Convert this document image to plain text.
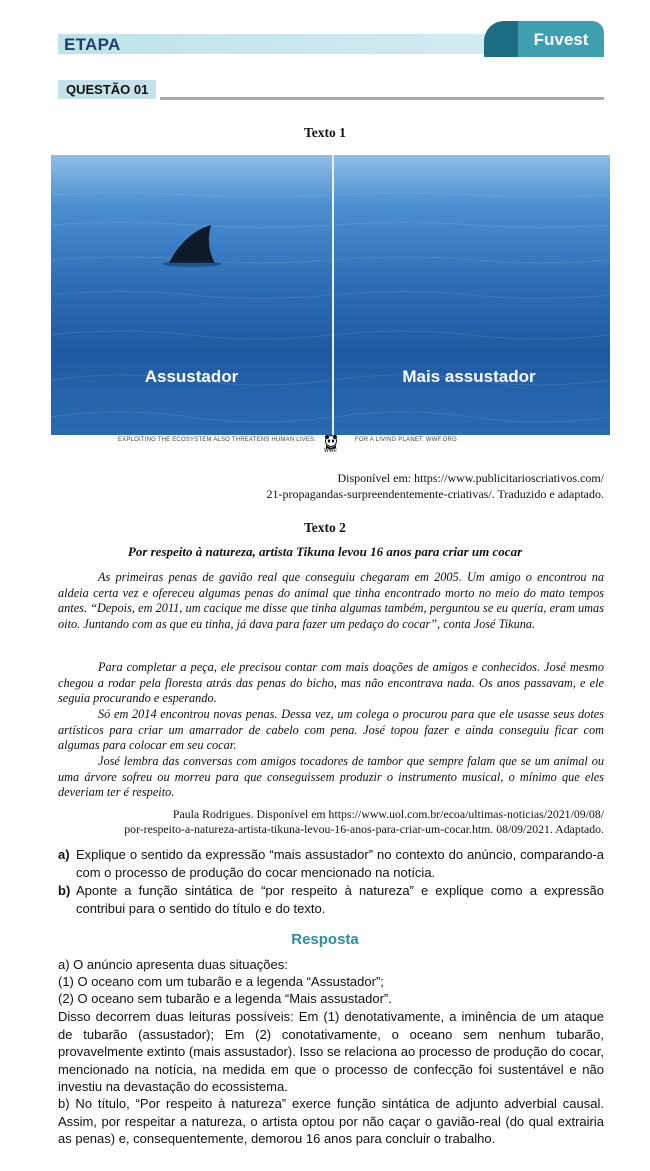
ETAPA	Fuvest
QUESTÃO 01
Texto 1
Assustador	Mais assustador
EXPLOITING THE ECOSYSTEM ALSO THREATENS HUMAN LIVES.
WWF
FOR A LIVING PLANET: WWF.ORG
Disponível em: https://www.publicitarioscriativos.com/
21-propagandas-surpreendentemente-criativas/. Traduzido e adaptado.
Texto 2
Por respeito à natureza, artista Tikuna levou 16 anos para criar um cocar

As primeiras penas de gavião real que conseguiu chegaram em 2005. Um amigo o encontrou na aldeia certa vez e ofereceu algumas penas do animal que tinha encontrado morto no meio do mato tempos antes. “Depois, em 2011, um cacique me disse que tinha algumas também, perguntou se eu queria, eram umas oito. Juntando com as que eu tinha, já dava para fazer um pedaço do cocar”, conta José Tikuna.

Para completar a peça, ele precisou contar com mais doações de amigos e conhecidos. José mesmo chegou a rodar pela floresta atrás das penas do bicho, mas não encontrava nada. Os anos passavam, e ele seguia procurando e esperando.

Só em 2014 encontrou novas penas. Dessa vez, um colega o procurou para que ele usasse seus dotes artísticos para criar um amarrador de cabelo com pena. José topou fazer e ainda conseguiu ficar com algumas para colocar em seu cocar.

José lembra das conversas com amigos tocadores de tambor que sempre falam que se um animal ou uma árvore sofreu ou morreu para que conseguissem produzir o instrumento musical, o mínimo que eles deveriam ter é respeito.

Paula Rodrigues. Disponível em https://www.uol.com.br/ecoa/ultimas-noticias/2021/09/08/
por-respeito-a-natureza-artista-tikuna-levou-16-anos-para-criar-um-cocar.htm. 08/09/2021. Adaptado.
a) Explique o sentido da expressão “mais assustador” no contexto do anúncio, comparando-a com o processo de produção do cocar mencionado na notícia.
b) Aponte a função sintática de “por respeito à natureza” e explique como a expressão contribui para o sentido do título e do texto.
Resposta
a) O anúncio apresenta duas situações:
(1) O oceano com um tubarão e a legenda “Assustador”;
(2) O oceano sem tubarão e a legenda “Mais assustador”.
Disso decorrem duas leituras possíveis: Em (1) denotativamente, a iminência de um ataque de tubarão (assustador); Em (2) conotativamente, o oceano sem nenhum tubarão, provavelmente extinto (mais assustador). Isso se relaciona ao processo de produção do cocar, mencionado na notícia, na medida em que o processo de confecção foi sustentável e não investiu na devastação do ecossistema.
b) No título, “Por respeito à natureza” exerce função sintática de adjunto adverbial causal. Assim, por respeitar a natureza, o artista optou por não caçar o gavião-real (do qual extrairia as penas) e, consequentemente, demorou 16 anos para concluir o trabalho.
